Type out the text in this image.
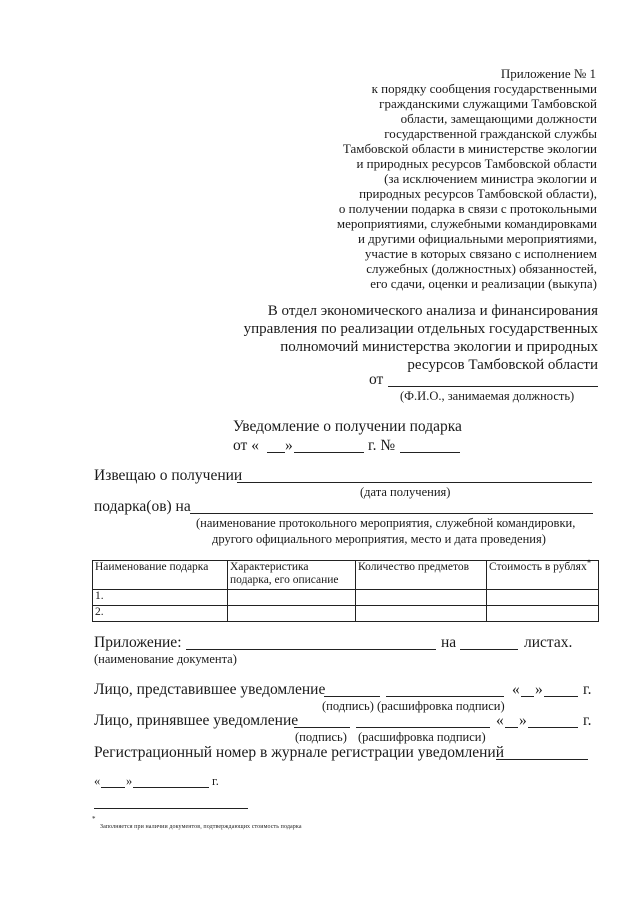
Приложение № 1
к порядку сообщения государственными
гражданскими служащими Тамбовской
области, замещающими должности
государственной гражданской службы
Тамбовской области в министерстве экологии
и природных ресурсов Тамбовской области
(за исключением министра экологии и
природных ресурсов Тамбовской области),
о получении подарка в связи с протокольными
мероприятиями, служебными командировками
и другими официальными мероприятиями,
участие в которых связано с исполнением
служебных (должностных) обязанностей,
его сдачи, оценки и реализации (выкупа)
В отдел экономического анализа и финансирования
управления по реализации отдельных государственных
полномочий министерства экологии и природных
ресурсов Тамбовской области
от
(Ф.И.О., занимаемая должность)
Уведомление о получении подарка
от « »	г. №
Извещаю о получении
(дата получения)
подарка(ов) на
(наименование протокольного мероприятия, служебной командировки,
другого официального мероприятия, место и дата проведения)
Наименование подарка	Характеристика подарка, его описание	Количество предметов	Стоимость в рублях*
1.			
2.			
Приложение:	на	листах.
(наименование документа)
Лицо, представившее уведомление	« »	г.
(подпись) (расшифровка подписи)
Лицо, принявшее уведомление	« »	г.
(подпись) (расшифровка подписи)
Регистрационный номер в журнале регистрации уведомлений
« »	г.
*
Заполняется при наличии документов, подтверждающих стоимость подарка
